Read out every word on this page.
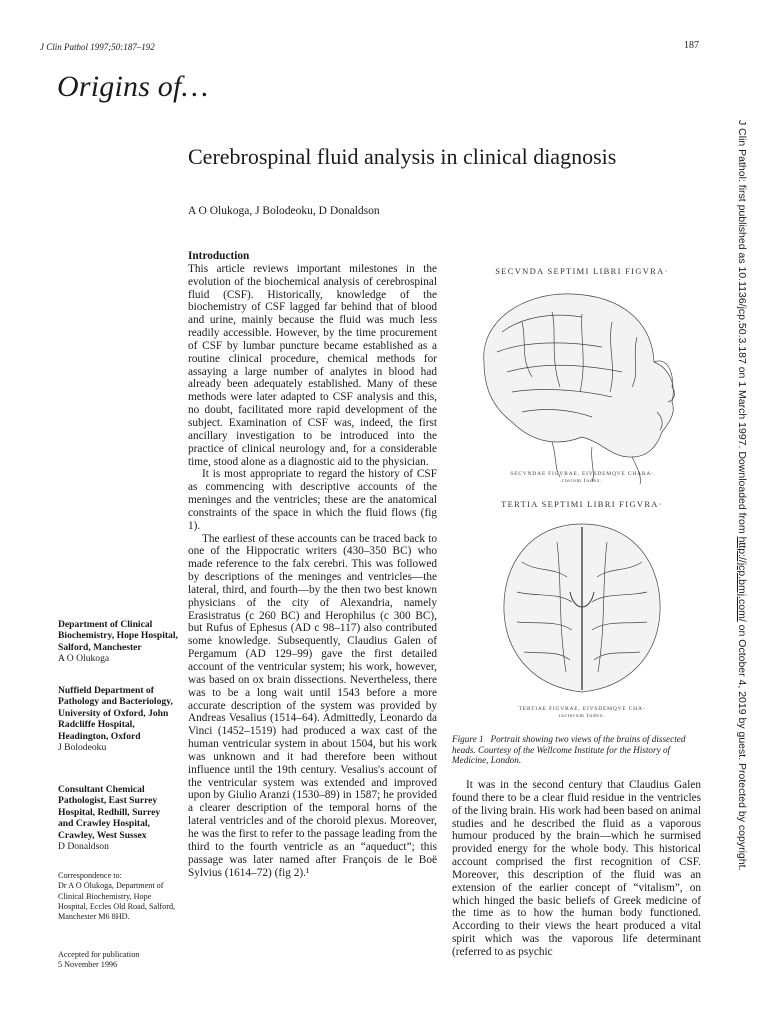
J Clin Pathol 1997;50:187–192	187
Origins of…
Cerebrospinal fluid analysis in clinical diagnosis
A O Olukoga, J Bolodeoku, D Donaldson	J Clin Pathol: first published as 10.1136/jcp.50.3.187 on 1 March 1997. Downloaded from http://jcp.bmj.com/ on October 4, 2019 by guest. Protected by copyright.
Department of Clinical Biochemistry, Hope Hospital, Salford, Manchester
A O Olukoga
Nuffield Department of Pathology and Bacteriology, University of Oxford, John Radcliffe Hospital, Headington, Oxford
J Bolodeoku
Consultant Chemical Pathologist, East Surrey Hospital, Redhill, Surrey and Crawley Hospital, Crawley, West Sussex
D Donaldson
Correspondence to:
Dr A O Olukoga, Department of Clinical Biochemistry, Hope Hospital, Eccles Old Road, Salford, Manchester M6 8HD.
Accepted for publication
5 November 1996
Introduction

This article reviews important milestones in the evolution of the biochemical analysis of cerebrospinal fluid (CSF). Historically, knowledge of the biochemistry of CSF lagged far behind that of blood and urine, mainly because the fluid was much less readily accessible. However, by the time procurement of CSF by lumbar puncture became established as a routine clinical procedure, chemical methods for assaying a large number of analytes in blood had already been adequately established. Many of these methods were later adapted to CSF analysis and this, no doubt, facilitated more rapid development of the subject. Examination of CSF was, indeed, the first ancillary investigation to be introduced into the practice of clinical neurology and, for a considerable time, stood alone as a diagnostic aid to the physician.

It is most appropriate to regard the history of CSF as commencing with descriptive accounts of the meninges and the ventricles; these are the anatomical constraints of the space in which the fluid flows (fig 1).

The earliest of these accounts can be traced back to one of the Hippocratic writers (430–350 BC) who made reference to the falx cerebri. This was followed by descriptions of the meninges and ventricles—the lateral, third, and fourth—by the then two best known physicians of the city of Alexandria, namely Erasistratus (c 260 BC) and Herophilus (c 300 BC), but Rufus of Ephesus (AD c 98–117) also contributed some knowledge. Subsequently, Claudius Galen of Pergamum (AD 129–99) gave the first detailed account of the ventricular system; his work, however, was based on ox brain dissections. Nevertheless, there was to be a long wait until 1543 before a more accurate description of the system was provided by Andreas Vesalius (1514–64). Admittedly, Leonardo da Vinci (1452–1519) had produced a wax cast of the human ventricular system in about 1504, but his work was unknown and it had therefore been without influence until the 19th century. Vesalius's account of the ventricular system was extended and improved upon by Giulio Aranzi (1530–89) in 1587; he provided a clearer description of the temporal horns of the lateral ventricles and of the choroid plexus. Moreover, he was the first to refer to the passage leading from the third to the fourth ventricle as an “aqueduct”; this passage was later named after François de le Boë Sylvius (1614–72) (fig 2).¹

SECVNDA SEPTIMI LIBRI FIGVRA·
SECVNDAE FIGVRAE, EIVSDEMQVE CHARA-
cterum Index.
TERTIA SEPTIMI LIBRI FIGVRA·
TERTIAE FIGVRAE, EIVSDEMQVE CHA-
racterum Index.
Figure 1 Portrait showing two views of the brains of dissected heads. Courtesy of the Wellcome Institute for the History of Medicine, London.

It was in the second century that Claudius Galen found there to be a clear fluid residue in the ventricles of the living brain. His work had been based on animal studies and he described the fluid as a vaporous humour produced by the brain—which he surmised provided energy for the whole body. This historical account comprised the first recognition of CSF. Moreover, this description of the fluid was an extension of the earlier concept of “vitalism”, on which hinged the basic beliefs of Greek medicine of the time as to how the human body functioned. According to their views the heart produced a vital spirit which was the vaporous life determinant (referred to as psychic
